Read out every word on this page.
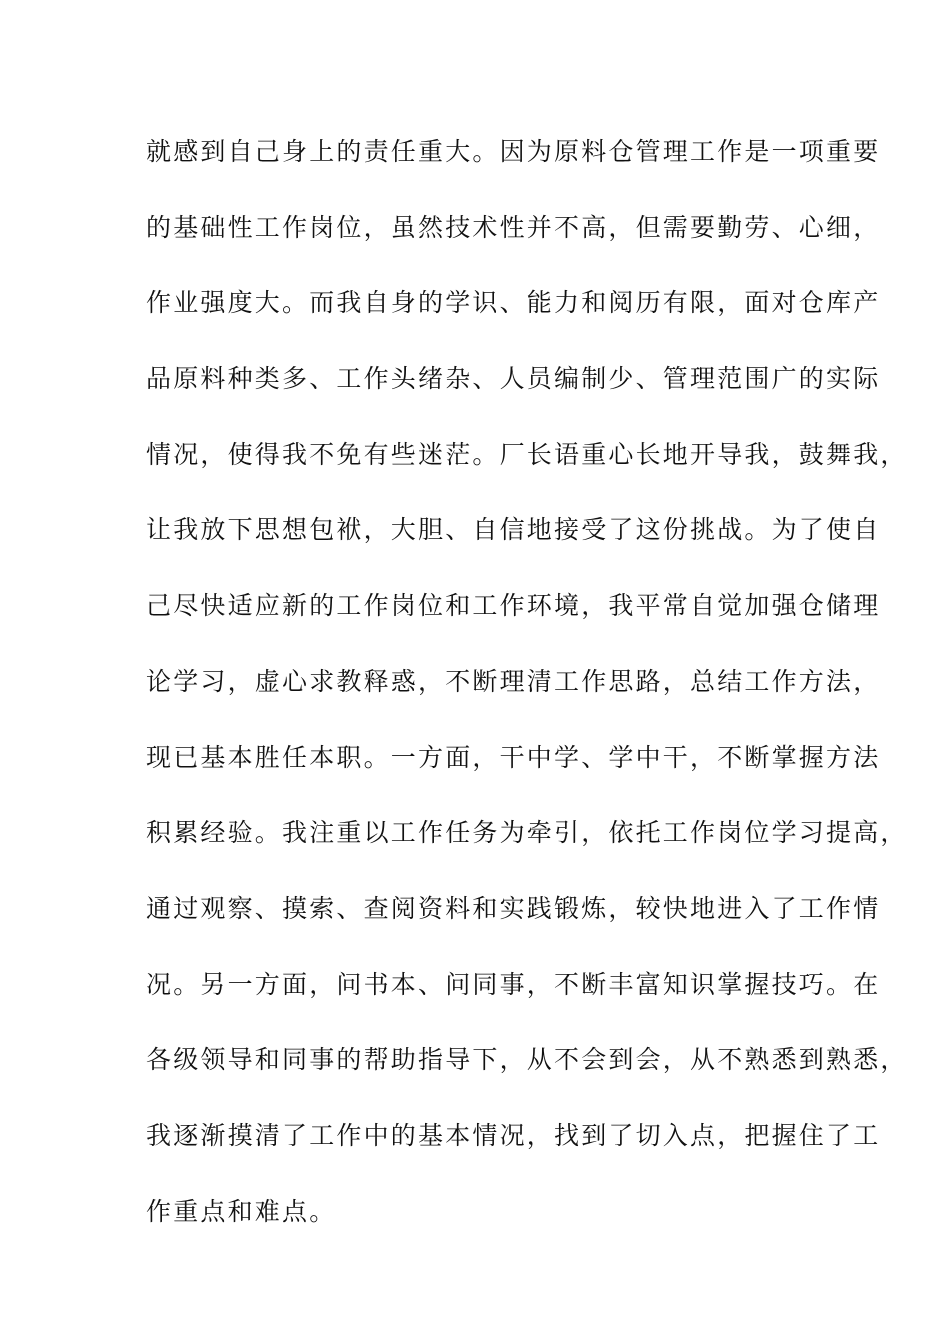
就感到自己身上的责任重大。因为原料仓管理工作是一项重要
的基础性工作岗位，虽然技术性并不高，但需要勤劳、心细，
作业强度大。而我自身的学识、能力和阅历有限，面对仓库产
品原料种类多、工作头绪杂、人员编制少、管理范围广的实际
情况，使得我不免有些迷茫。厂长语重心长地开导我，鼓舞我，
让我放下思想包袱，大胆、自信地接受了这份挑战。为了使自
己尽快适应新的工作岗位和工作环境，我平常自觉加强仓储理
论学习，虚心求教释惑，不断理清工作思路，总结工作方法，
现已基本胜任本职。一方面，干中学、学中干，不断掌握方法
积累经验。我注重以工作任务为牵引，依托工作岗位学习提高，
通过观察、摸索、查阅资料和实践锻炼，较快地进入了工作情
况。另一方面，问书本、问同事，不断丰富知识掌握技巧。在
各级领导和同事的帮助指导下，从不会到会，从不熟悉到熟悉，
我逐渐摸清了工作中的基本情况，找到了切入点，把握住了工
作重点和难点。
